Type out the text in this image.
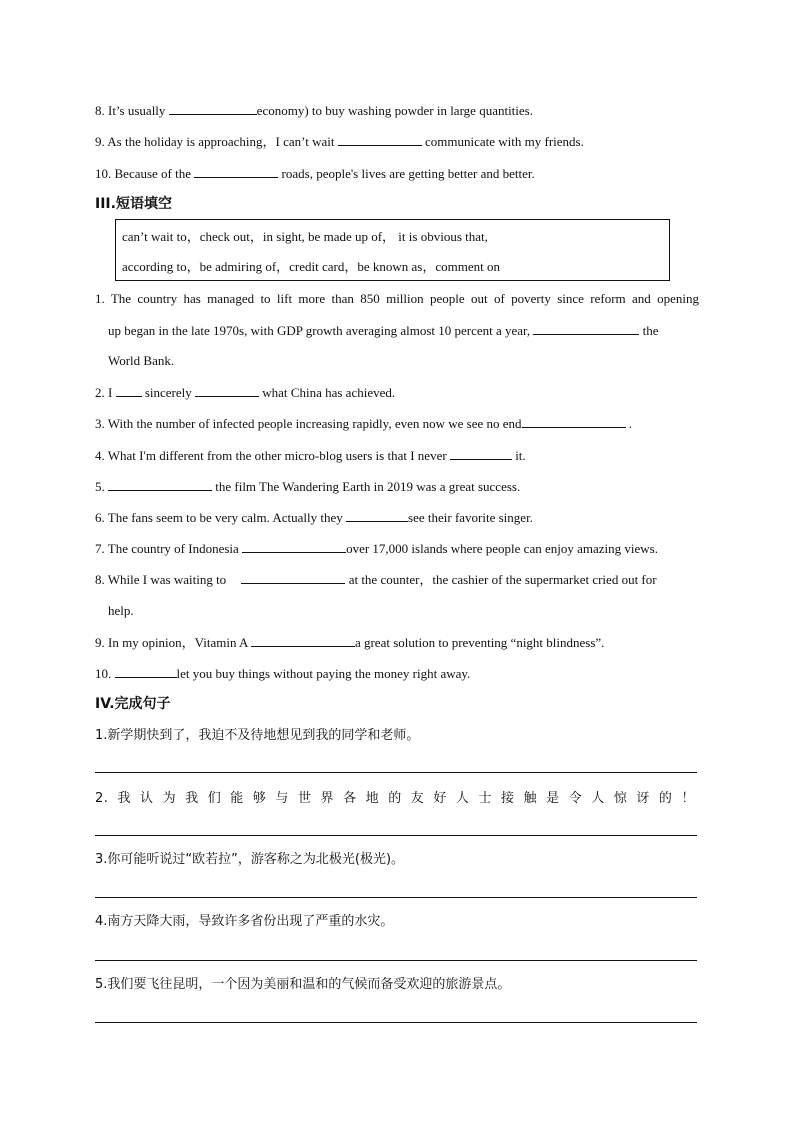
8. It’s usually	economy) to buy washing powder in large quantities.
9. As the holiday is approaching，I can’t wait	communicate with my friends.
10. Because of the	roads, people's lives are getting better and better.
III.短语填空
can’t wait to，check out，in sight, be made up of， it is obvious that,
according to，be admiring of，credit card，be known as，comment on
1. The country has managed to lift more than 850 million people out of poverty since reform and opening
up began in the late 1970s, with GDP growth averaging almost 10 percent a year,	the
World Bank.
2. I  sincerely	what China has achieved.
3. With the number of infected people increasing rapidly, even now we see no end	.
4. What I'm different from the other micro-blog users is that I never	it.
5.	the film The Wandering Earth in 2019 was a great success.
6. The fans seem to be very calm. Actually they	see their favorite singer.
7. The country of Indonesia	over 17,000 islands where people can enjoy amazing views.
8. While I was waiting to	at the counter，the cashier of the supermarket cried out for
help.
9. In my opinion，Vitamin A	a great solution to preventing “night blindness”.
10.	let you buy things without paying the money right away.
IV.完成句子
1.新学期快到了，我迫不及待地想见到我的同学和老师。
2.我认为我们能够与世界各地的友好人士接触是令人惊讶的！
3.你可能听说过“欧若拉”，游客称之为北极光(极光)。
4.南方天降大雨，导致许多省份出现了严重的水灾。
5.我们要飞往昆明，一个因为美丽和温和的气候而备受欢迎的旅游景点。
